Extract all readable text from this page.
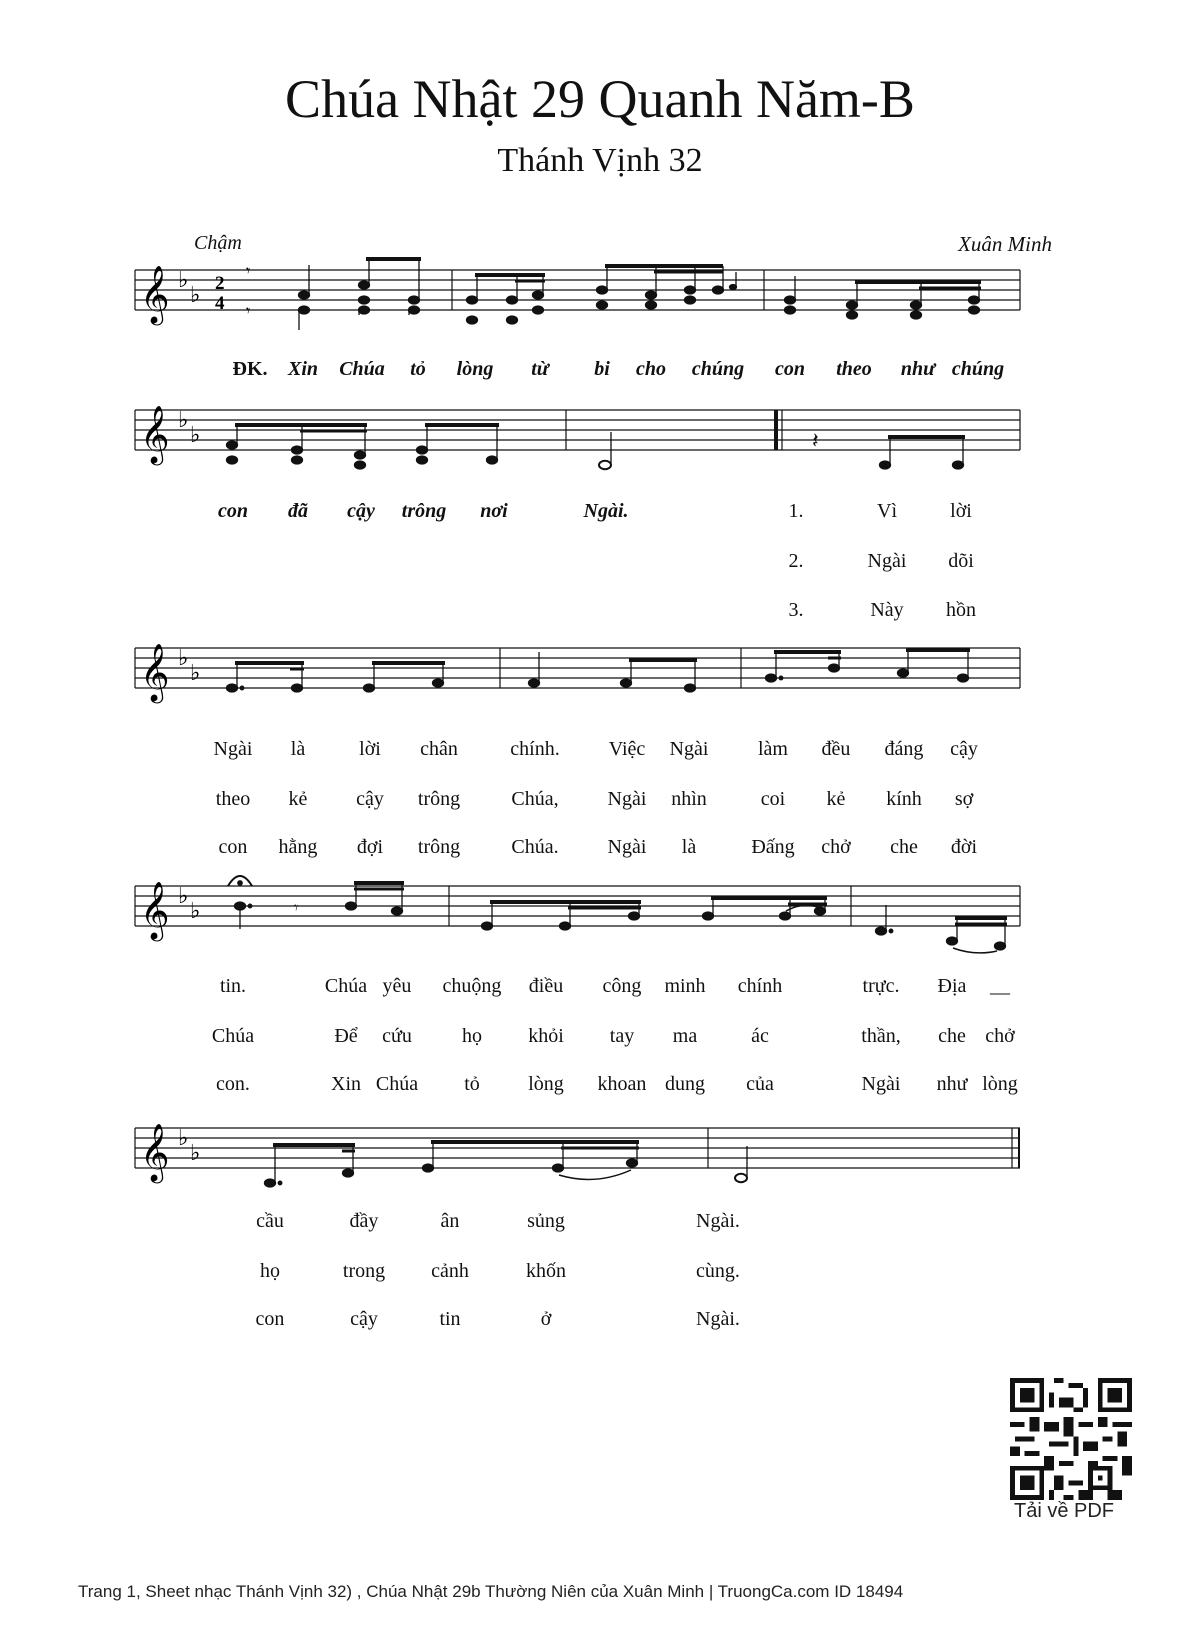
Chúa Nhật 29 Quanh Năm-B
Thánh Vịnh 32
Chậm	Xuân Minh
𝄞 ♭
♭ 2
4
𝄾
𝄾
ĐK. Xin Chúa tỏ lòng từ bi cho chúng con theo như chúng
𝄞 ♭
♭	𝄽
con đã cậy trông nơi	Ngài.	1.	Vì	lời
2.	Ngài dõi
3.	Này hồn
𝄞 ♭
♭
Ngài là	lời chân	chính. Việc Ngài làm đều đáng cậy
theo kẻ cậy trông	Chúa, Ngài nhìn	coi kẻ kính sợ
con hằng đợi trông	Chúa. Ngài là	Đấng chở che đời
𝄞 ♭
♭	𝄾
tin.	Chúa yêu chuộng điều công minh chính	trực. Địa __
Chúa	Để cứu	họ khỏi tay ma	ác	thần, che chở
con.	Xin Chúa tỏ lòng khoan dung của	Ngài như lòng
𝄞 ♭
♭
cầu	đầy	ân	sủng	Ngài.
họ	trong cảnh	khốn	cùng.
con	cậy	tin	ở	Ngài.
Tải về PDF
Trang 1, Sheet nhạc Thánh Vịnh 32) , Chúa Nhật 29b Thường Niên của Xuân Minh | TruongCa.com ID 18494
